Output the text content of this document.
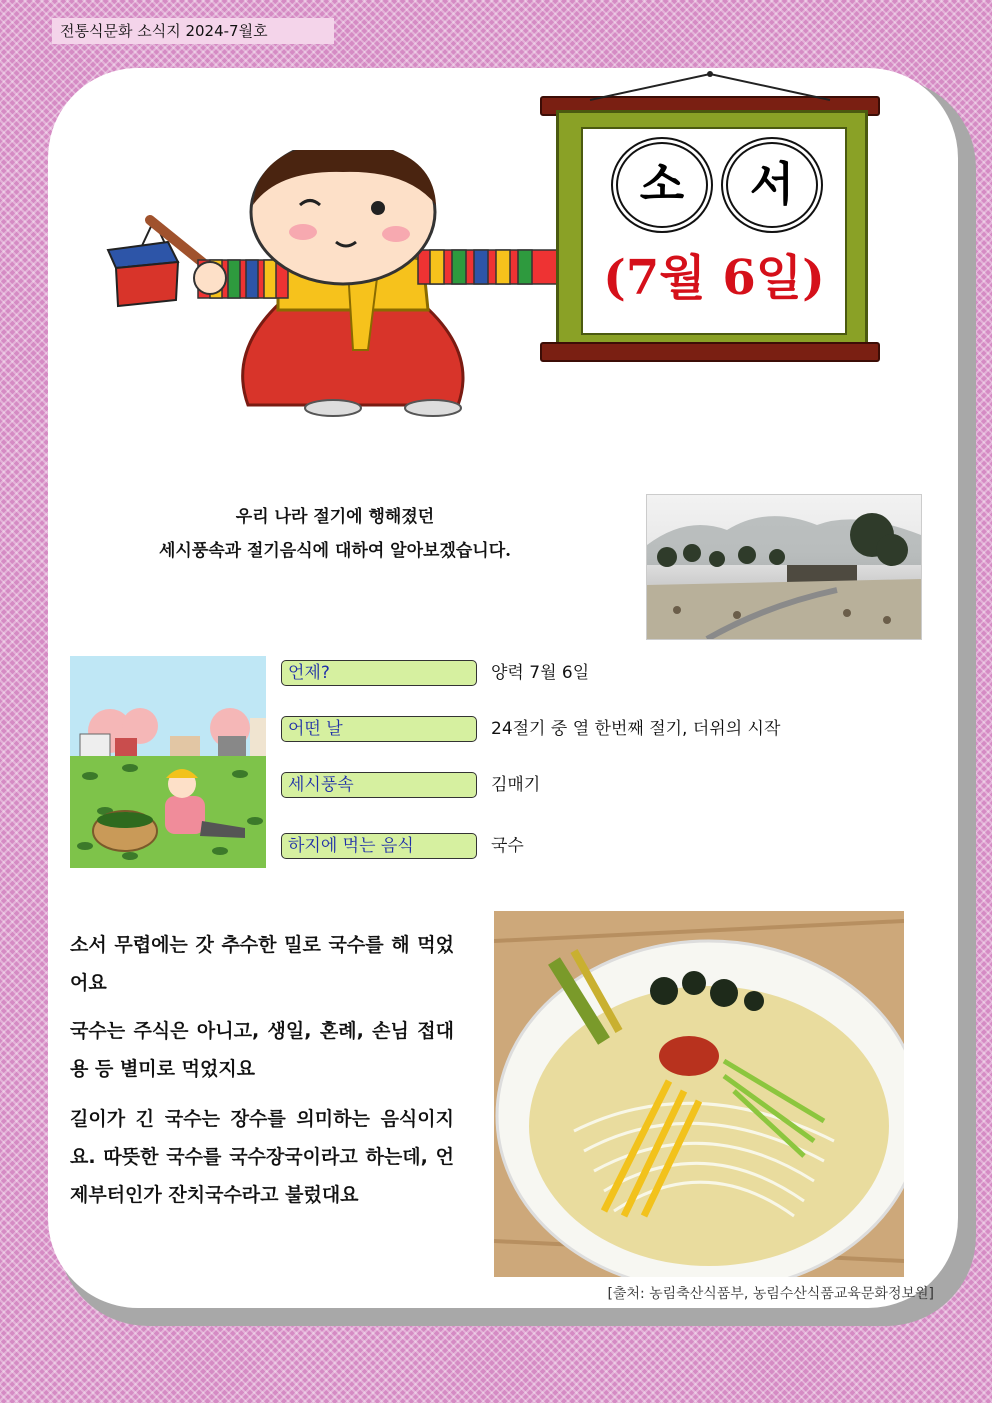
전통식문화 소식지 2024-7월호
소	서
(7월 6일)
우리 나라 절기에 행해졌던
세시풍속과 절기음식에 대하여 알아보겠습니다.
언제?	양력 7월 6일
어떤 날	24절기 중 열 한번째 절기, 더위의 시작
세시풍속	김매기
하지에 먹는 음식	국수
소서 무렵에는 갓 추수한 밀로 국수를 해 먹었어요
국수는 주식은 아니고, 생일, 혼례, 손님 접대용 등 별미로 먹었지요
길이가 긴 국수는 장수를 의미하는 음식이지요. 따뜻한 국수를 국수장국이라고 하는데, 언제부터인가 잔치국수라고 불렀대요
[출처: 농림축산식품부, 농림수산식품교육문화정보원]
